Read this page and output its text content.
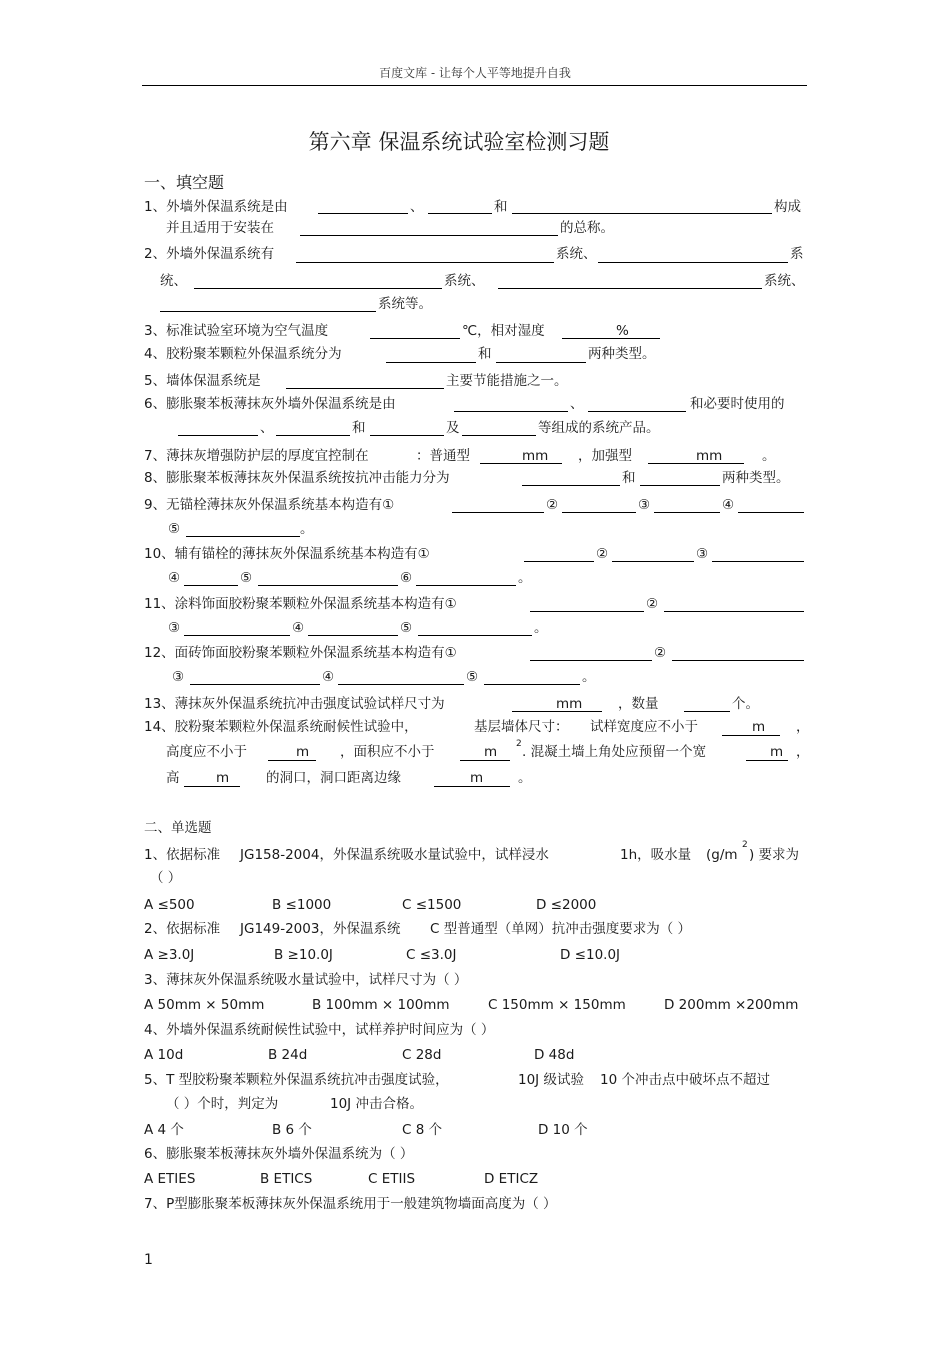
百度文库 - 让每个人平等地提升自我
第六章 保温系统试验室检测习题
一、填空题
1、外墙外保温系统是由	、	和	构成
并且适用于安装在	的总称。
2、外墙外保温系统有	系统、	系
统、	系统、	系统、
系统等。
3、标准试验室环境为空气温度	℃，相对湿度	%
4、胶粉聚苯颗粒外保温系统分为	和	两种类型。
5、墙体保温系统是	主要节能措施之一。
6、膨胀聚苯板薄抹灰外墙外保温系统是由	、	和必要时使用的
、	和	及	等组成的系统产品。
7、薄抹灰增强防护层的厚度宜控制在	：普通型	mm ，加强型	mm	。
8、膨胀聚苯板薄抹灰外保温系统按抗冲击能力分为	和	两种类型。
9、无锚栓薄抹灰外保温系统基本构造有①	②	③	④
⑤	。
10、辅有锚栓的薄抹灰外保温系统基本构造有①	②	③
④	⑤	⑥	。
11、涂料饰面胶粉聚苯颗粒外保温系统基本构造有①	②
③	④	⑤	。
12、面砖饰面胶粉聚苯颗粒外保温系统基本构造有①	②
③	④	⑤	。
13、薄抹灰外保温系统抗冲击强度试验试样尺寸为	mm	，数量	个。
14、胶粉聚苯颗粒外保温系统耐候性试验中，	基层墙体尺寸： 试样宽度应不小于	m ，
高度应不小于	m ，面积应不小于	m 2 . 混凝土墙上角处应预留一个宽	m ，
高	m	的洞口，洞口距离边缘	m	。
二、单选题
1、依据标准 JG158-2004，外保温系统吸水量试验中，试样浸水	1h，吸水量 (g/m
2
) 要求为
（ ）
A ≤500	B ≤1000	C ≤1500	D ≤2000
2、依据标准 JG149-2003，外保温系统 C 型普通型（单网）抗冲击强度要求为（ ）
A ≥3.0J	B ≥10.0J	C ≤3.0J	D ≤10.0J
3、薄抹灰外保温系统吸水量试验中，试样尺寸为（ ）
A 50mm × 50mm	B 100mm × 100mm	C 150mm × 150mm	D 200mm ×200mm
4、外墙外保温系统耐候性试验中，试样养护时间应为（ ）
A 10d	B 24d	C 28d	D 48d
5、T 型胶粉聚苯颗粒外保温系统抗冲击强度试验，	10J 级试验 10 个冲击点中破坏点不超过
（ ）个时，判定为	10J 冲击合格。
A 4 个	B 6 个	C 8 个	D 10 个
6、膨胀聚苯板薄抹灰外墙外保温系统为（ ）
A ETIES	B ETICS	C ETIIS	D ETICZ
7、P型膨胀聚苯板薄抹灰外保温系统用于一般建筑物墙面高度为（ ）
1
